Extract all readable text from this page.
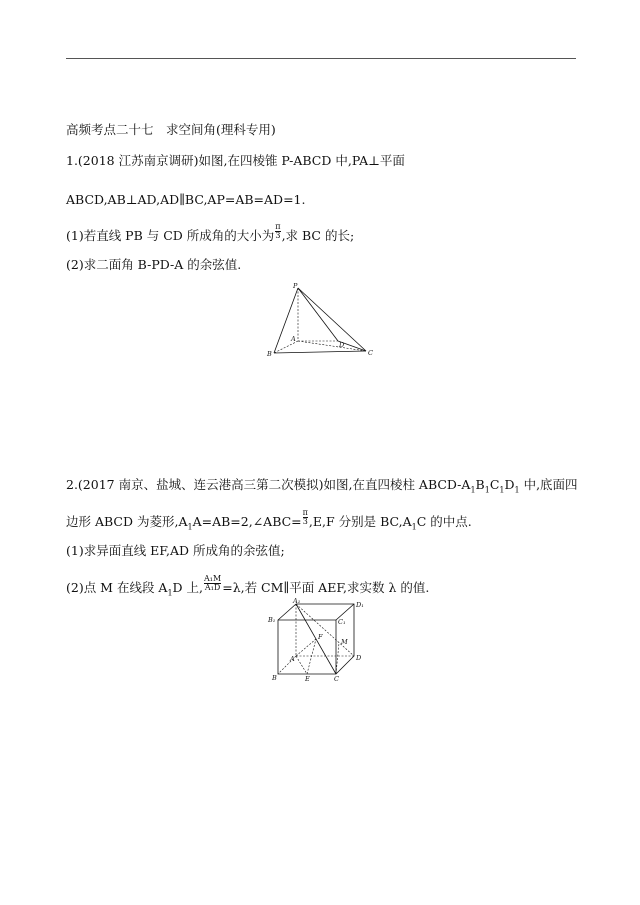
高频考点二十七　求空间角(理科专用)
1.(2018 江苏南京调研)如图,在四棱锥 P-ABCD 中,PA⊥平面
ABCD,AB⊥AD,AD∥BC,AP=AB=AD=1.
(1)若直线 PB 与 CD 所成角的大小为 $\frac{\pi}{3}$ ,求 BC 的长;
(2)求二面角 B-PD-A 的余弦值.
P
A
B	C
D
2.(2017 南京、盐城、连云港高三第二次模拟)如图,在直四棱柱 ABCD-$A_1B_1C_1D_1$ 中,底面四
边形 ABCD 为菱形$,A_1A=AB=2,\angle ABC= \frac{\pi}{3} ,E,F$ 分别是 $BC,A_1C$ 的中点.
(1)求异面直线 EF,AD 所成角的余弦值;
(2)点 M 在线段 $A_1D$ 上, $\frac{\text{A₁M}}{\text{A₁D}} =\lambda$,若 CM∥平面 AEF,求实数 λ 的值.
A₁	D₁
B₁	C₁
F
M
A	D
B	E	C
